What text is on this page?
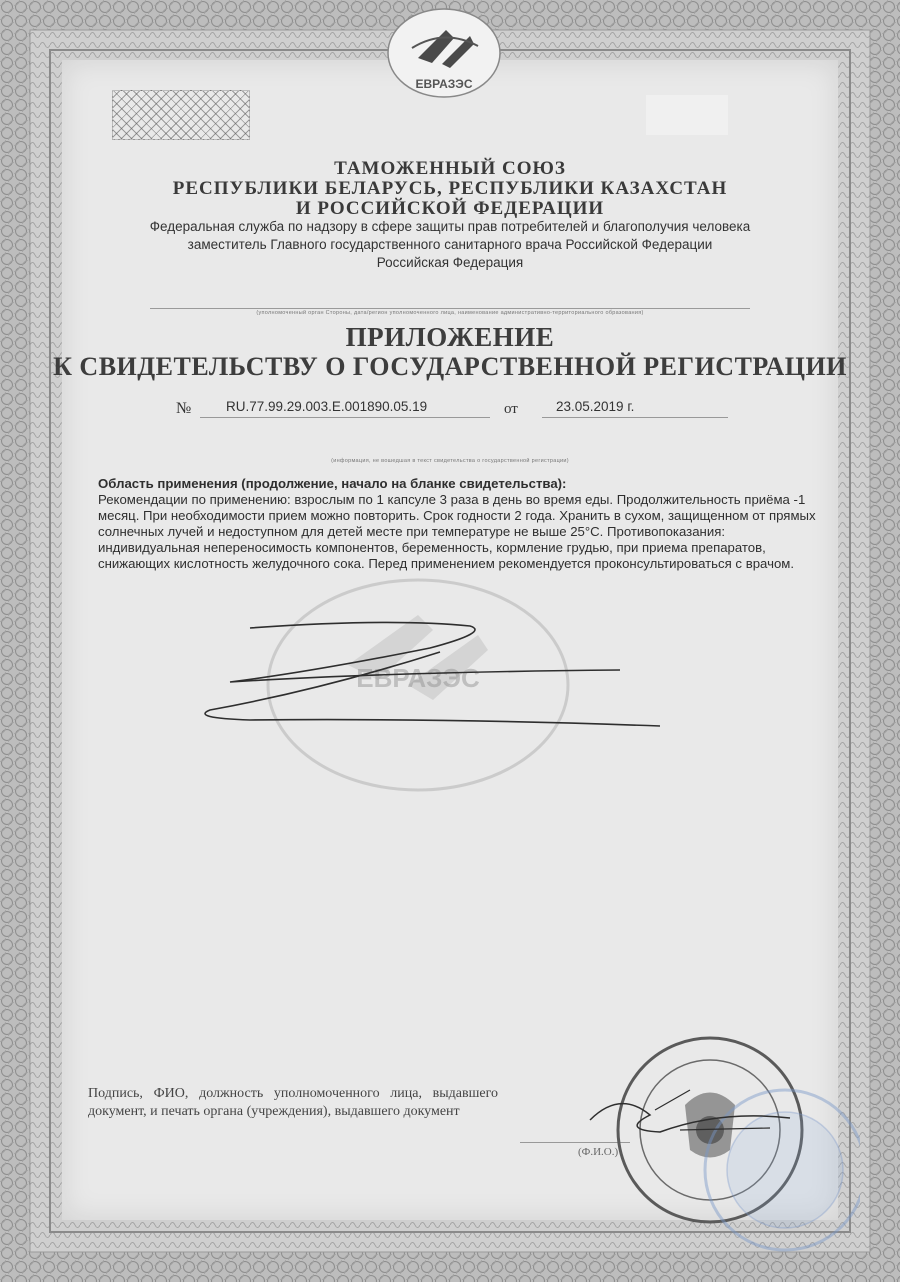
ЕВРАЗЭС
ТАМОЖЕННЫЙ СОЮЗ
РЕСПУБЛИКИ БЕЛАРУСЬ, РЕСПУБЛИКИ КАЗАХСТАН
И РОССИЙСКОЙ ФЕДЕРАЦИИ
Федеральная служба по надзору в сфере защиты прав потребителей и благополучия человека
заместитель Главного государственного санитарного врача Российской Федерации
Российская Федерация
(уполномоченный орган Стороны, дата/регион уполномоченного лица, наименование административно-территориального образования)
ПРИЛОЖЕНИЕ
К СВИДЕТЕЛЬСТВУ О ГОСУДАРСТВЕННОЙ РЕГИСТРАЦИИ
№	RU.77.99.29.003.E.001890.05.19	от	23.05.2019 г.
(информация, не вошедшая в текст свидетельства о государственной регистрации)
ЕВРАЗЭС

Область применения (продолжение, начало на бланке свидетельства):

Рекомендации по применению: взрослым по 1 капсуле 3 раза в день во время еды. Продолжительность приёма -1 месяц. При необходимости прием можно повторить. Срок годности 2 года. Хранить в сухом, защищенном от прямых солнечных лучей и недоступном для детей месте при температуре не выше 25°С. Противопоказания: индивидуальная непереносимость компонентов, беременность, кормление грудью, при приема препаратов, снижающих кислотность желудочного сока. Перед применением рекомендуется проконсультироваться с врачом.

Подпись, ФИО, должность уполномоченного лица, выдавшего документ, и печать органа (учреждения), выдавшего документ
(Ф.И.О.)
